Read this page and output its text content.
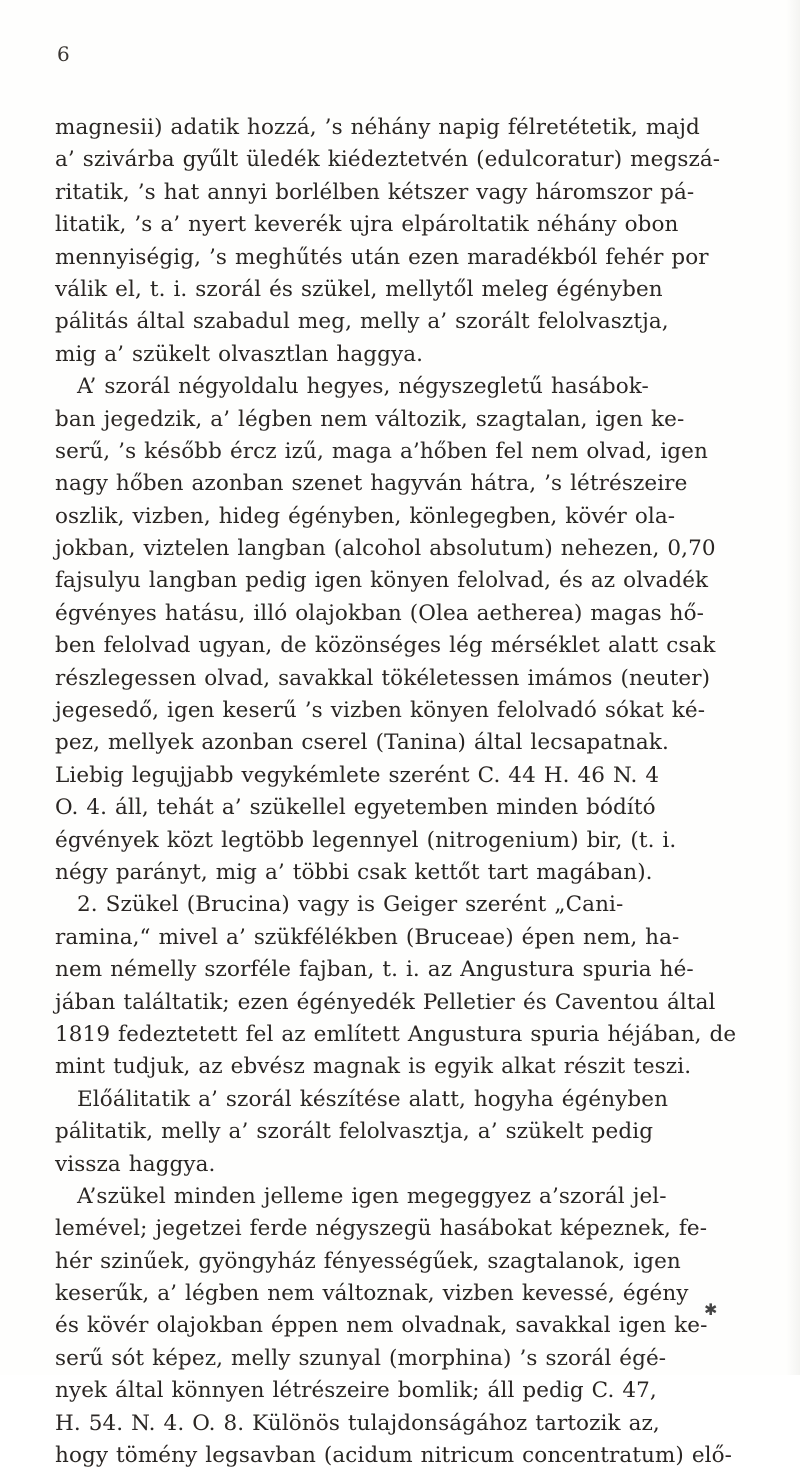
6
magnesii) adatik hozzá, ’s néhány napig félretétetik, majd
a’ szivárba gyűlt üledék kiédeztetvén (edulcoratur) megszá-
ritatik, ’s hat annyi borlélben kétszer vagy háromszor pá-
litatik, ’s a’ nyert keverék ujra elpároltatik néhány obon
mennyiségig, ’s meghűtés után ezen maradékból fehér por
válik el, t. i. szorál és szükel, mellytől meleg égényben
pálitás által szabadul meg, melly a’ szorált felolvasztja,
mig a’ szükelt olvasztlan haggya.
A’ szorál négyoldalu hegyes, négyszegletű hasábok-
ban jegedzik, a’ légben nem változik, szagtalan, igen ke-
serű, ’s később ércz izű, maga a’hőben fel nem olvad, igen
nagy hőben azonban szenet hagyván hátra, ’s létrészeire
oszlik, vizben, hideg égényben, könlegegben, kövér ola-
jokban, viztelen langban (alcohol absolutum) nehezen, 0,70
fajsulyu langban pedig igen könyen felolvad, és az olvadék
égvényes hatásu, illó olajokban (Olea aetherea) magas hő-
ben felolvad ugyan, de közönséges lég mérséklet alatt csak
részlegessen olvad, savakkal tökéletessen imámos (neuter)
jegesedő, igen keserű ’s vizben könyen felolvadó sókat ké-
pez, mellyek azonban cserel (Tanina) által lecsapatnak.
Liebig legujjabb vegykémlete szerént C. 44 H. 46 N. 4
O. 4. áll, tehát a’ szükellel egyetemben minden bódító
égvények közt legtöbb legennyel (nitrogenium) bir, (t. i.
négy parányt, mig a’ többi csak kettőt tart magában).
2. Szükel (Brucina) vagy is Geiger szerént „Cani-
ramina,“ mivel a’ szükfélékben (Bruceae) épen nem, ha-
nem némelly szorféle fajban, t. i. az Angustura spuria hé-
jában találtatik; ezen égényedék Pelletier és Caventou által
1819 fedeztetett fel az említett Angustura spuria héjában, de
mint tudjuk, az ebvész magnak is egyik alkat részit teszi.
Előálitatik a’ szorál készítése alatt, hogyha égényben
pálitatik, melly a’ szorált felolvasztja, a’ szükelt pedig
vissza haggya.
A’szükel minden jelleme igen megeggyez a’szorál jel-
lemével; jegetzei ferde négyszegü hasábokat képeznek, fe-
hér szinűek, gyöngyház fényességűek, szagtalanok, igen
keserűk, a’ légben nem változnak, vizben kevessé, égény
és kövér olajokban éppen nem olvadnak, savakkal igen ke-
serű sót képez, melly szunyal (morphina) ’s szorál égé-
nyek által könnyen létrészeire bomlik; áll pedig C. 47,
H. 54. N. 4. O. 8. Különös tulajdonságához tartozik az,
hogy tömény legsavban (acidum nitricum concentratum) elő-
✱
